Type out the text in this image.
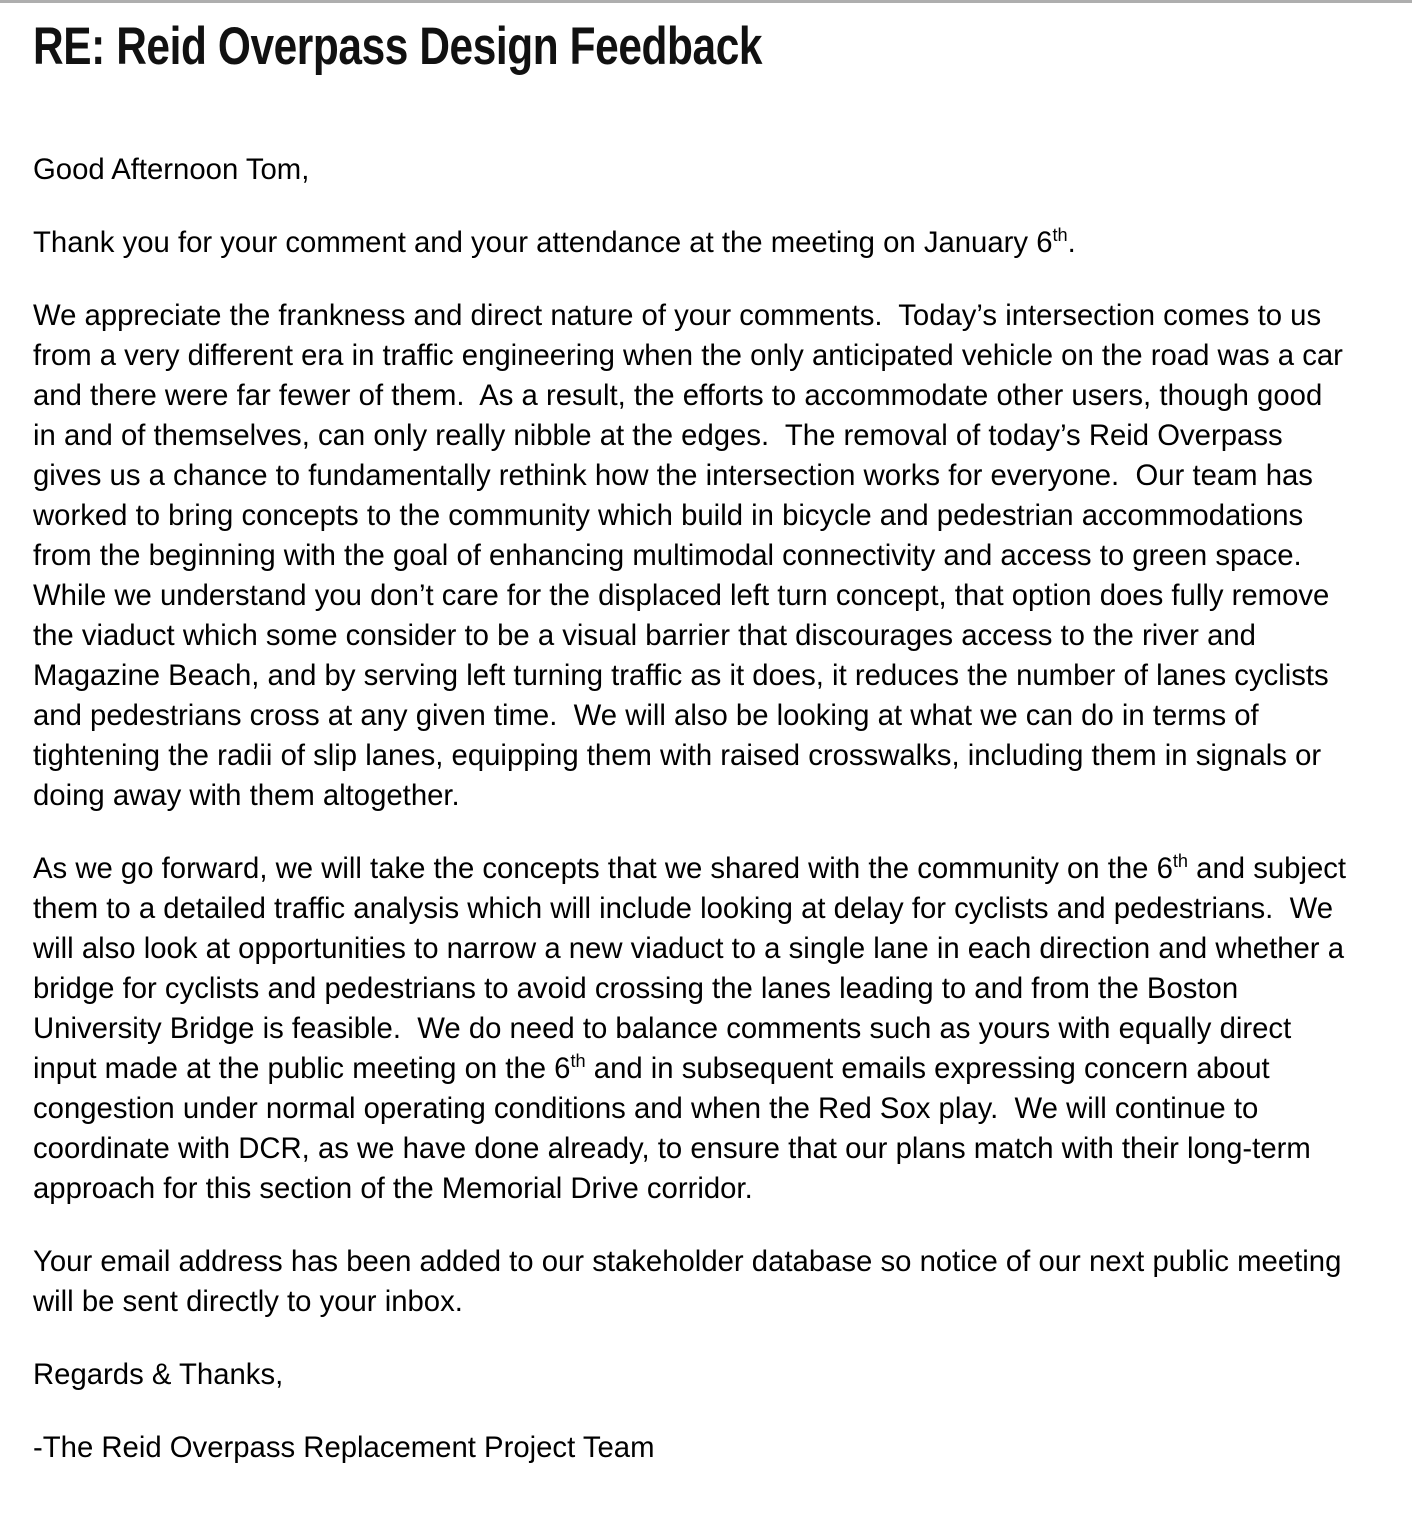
RE: Reid Overpass Design Feedback

Good Afternoon Tom,

Thank you for your comment and your attendance at the meeting on January 6th.

We appreciate the frankness and direct nature of your comments.  Today’s intersection comes to us from a very different era in traffic engineering when the only anticipated vehicle on the road was a car and there were far fewer of them.  As a result, the efforts to accommodate other users, though good in and of themselves, can only really nibble at the edges.  The removal of today’s Reid Overpass gives us a chance to fundamentally rethink how the intersection works for everyone.  Our team has worked to bring concepts to the community which build in bicycle and pedestrian accommodations from the beginning with the goal of enhancing multimodal connectivity and access to green space.  While we understand you don’t care for the displaced left turn concept, that option does fully remove the viaduct which some consider to be a visual barrier that discourages access to the river and Magazine Beach, and by serving left turning traffic as it does, it reduces the number of lanes cyclists and pedestrians cross at any given time.  We will also be looking at what we can do in terms of tightening the radii of slip lanes, equipping them with raised crosswalks, including them in signals or doing away with them altogether.

As we go forward, we will take the concepts that we shared with the community on the 6th and subject them to a detailed traffic analysis which will include looking at delay for cyclists and pedestrians.  We will also look at opportunities to narrow a new viaduct to a single lane in each direction and whether a bridge for cyclists and pedestrians to avoid crossing the lanes leading to and from the Boston University Bridge is feasible.  We do need to balance comments such as yours with equally direct input made at the public meeting on the 6th and in subsequent emails expressing concern about congestion under normal operating conditions and when the Red Sox play.  We will continue to coordinate with DCR, as we have done already, to ensure that our plans match with their long-term approach for this section of the Memorial Drive corridor.

Your email address has been added to our stakeholder database so notice of our next public meeting will be sent directly to your inbox.

Regards & Thanks,

-The Reid Overpass Replacement Project Team
